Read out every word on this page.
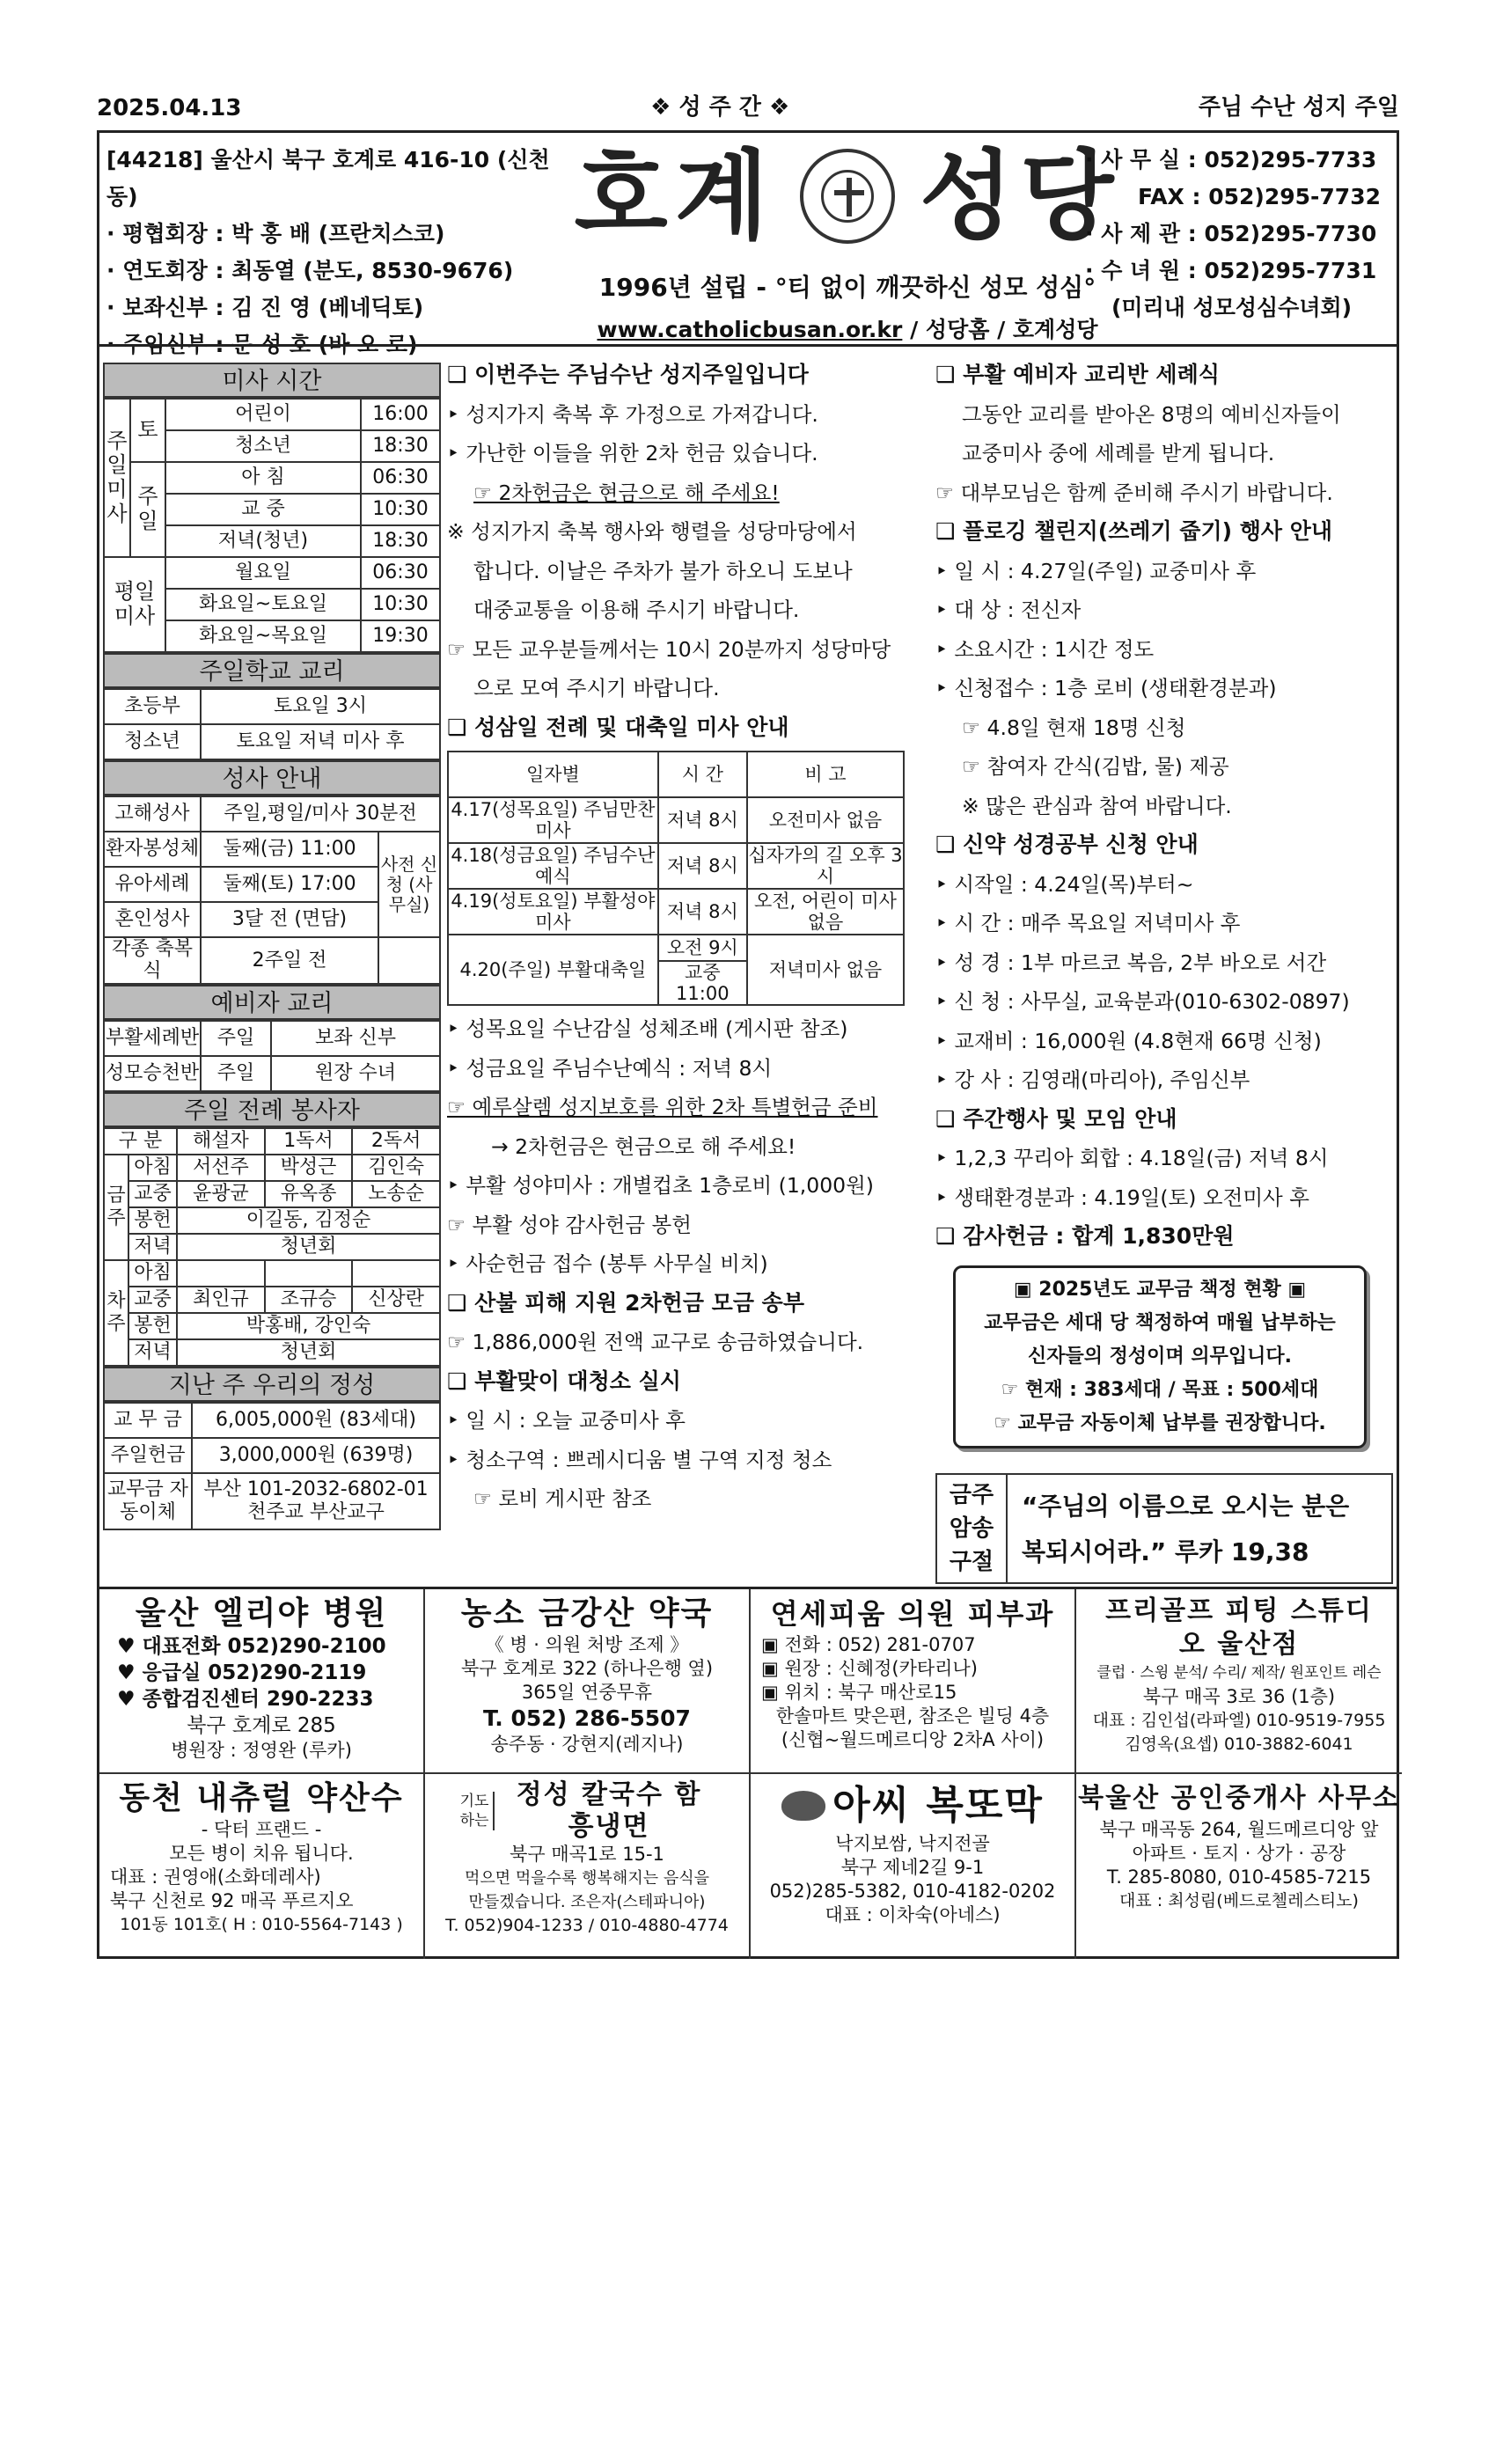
2025.04.13	❖ 성 주 간 ❖	주님 수난 성지 주일
[44218] 울산시 북구 호계로 416-10 (신천동)
· 평협회장 : 박 홍 배 (프란치스코)
· 연도회장 : 최동열 (분도, 8530-9676)
· 보좌신부 : 김 진 영 (베네딕토)
· 주임신부 : 문 성 호 (바 오 로)
호계 성당
1996년 설립 - °티 없이 깨끗하신 성모 성심°
www.catholicbusan.or.kr / 성당홈 / 호계성당
· 사 무 실 : 052)295-7733
FAX : 052)295-7732
· 사 제 관 : 052)295-7730
· 수 녀 원 : 052)295-7731
(미리내 성모성심수녀회)
미사 시간
주일미사	토	어린이	16:00
		청소년	18:30
	주일	아 침	06:30
		교 중	10:30
		저녁(청년)	18:30
평일미사		월요일	06:30
		화요일~토요일	10:30
		화요일~목요일	19:30
주일학교 교리
초등부	토요일 3시
청소년	토요일 저녁 미사 후
성사 안내
고해성사	주일,평일/미사 30분전	
환자봉성체	둘째(금) 11:00	사전 신청 (사무실)
유아세례	둘째(토) 17:00	
혼인성사	3달 전 (면담)	
각종 축복식	2주일 전	
예비자 교리
부활세례반	주일	보좌 신부
성모승천반	주일	원장 수녀
주일 전례 봉사자
구 분		해설자	1독서	2독서
금주	아침	서선주	박성근	김인숙
	교중	윤광균	유옥종	노송순
	봉헌	이길동, 김정순		
	저녁	청년회		
차주	아침			
	교중	최인규	조규승	신상란
	봉헌	박홍배, 강인숙		
	저녁	청년회		
지난 주 우리의 정성
교 무 금	6,005,000원 (83세대)
주일헌금	3,000,000원 (639명)
교무금 자동이체	부산 101-2032-6802-01 천주교 부산교구
❑ 이번주는 주님수난 성지주일입니다
‣ 성지가지 축복 후 가정으로 가져갑니다.
‣ 가난한 이들을 위한 2차 헌금 있습니다.
☞ 2차헌금은 현금으로 해 주세요!
※ 성지가지 축복 행사와 행렬을 성당마당에서
합니다. 이날은 주차가 불가 하오니 도보나
대중교통을 이용해 주시기 바랍니다.
☞ 모든 교우분들께서는 10시 20분까지 성당마당
으로 모여 주시기 바랍니다.
❑ 성삼일 전례 및 대축일 미사 안내
일자별	시 간	비 고
4.17(성목요일) 주님만찬미사	저녁 8시	오전미사 없음
4.18(성금요일) 주님수난예식	저녁 8시	십자가의 길 오후 3시
4.19(성토요일) 부활성야미사	저녁 8시	오전, 어린이 미사 없음
4.20(주일) 부활대축일	오전 9시	저녁미사 없음
	교중 11:00	
‣ 성목요일 수난감실 성체조배 (게시판 참조)
‣ 성금요일 주님수난예식 : 저녁 8시
☞ 예루살렘 성지보호를 위한 2차 특별헌금 준비
→ 2차헌금은 현금으로 해 주세요!
‣ 부활 성야미사 : 개별컵초 1층로비 (1,000원)
☞ 부활 성야 감사헌금 봉헌
‣ 사순헌금 접수 (봉투 사무실 비치)
❑ 산불 피해 지원 2차헌금 모금 송부
☞ 1,886,000원 전액 교구로 송금하였습니다.
❑ 부활맞이 대청소 실시
‣ 일 시 : 오늘 교중미사 후
‣ 청소구역 : 쁘레시디움 별 구역 지정 청소
☞ 로비 게시판 참조
❑ 부활 예비자 교리반 세례식
그동안 교리를 받아온 8명의 예비신자들이
교중미사 중에 세례를 받게 됩니다.
☞ 대부모님은 함께 준비해 주시기 바랍니다.
❑ 플로깅 챌린지(쓰레기 줍기) 행사 안내
‣ 일 시 : 4.27일(주일) 교중미사 후
‣ 대 상 : 전신자
‣ 소요시간 : 1시간 정도
‣ 신청접수 : 1층 로비 (생태환경분과)
☞ 4.8일 현재 18명 신청
☞ 참여자 간식(김밥, 물) 제공
※ 많은 관심과 참여 바랍니다.
❑ 신약 성경공부 신청 안내
‣ 시작일 : 4.24일(목)부터~
‣ 시 간 : 매주 목요일 저녁미사 후
‣ 성 경 : 1부 마르코 복음, 2부 바오로 서간
‣ 신 청 : 사무실, 교육분과(010-6302-0897)
‣ 교재비 : 16,000원 (4.8현재 66명 신청)
‣ 강 사 : 김영래(마리아), 주임신부
❑ 주간행사 및 모임 안내
‣ 1,2,3 꾸리아 회합 : 4.18일(금) 저녁 8시
‣ 생태환경분과 : 4.19일(토) 오전미사 후
❑ 감사헌금 : 합계 1,830만원
▣ 2025년도 교무금 책정 현황 ▣
교무금은 세대 당 책정하여 매월 납부하는
신자들의 정성이며 의무입니다.
☞ 현재 : 383세대 / 목표 : 500세대
☞ 교무금 자동이체 납부를 권장합니다.
금주 암송 구절
“주님의 이름으로 오시는 분은 복되시어라.” 루카 19,38
울산 엘리야 병원
♥ 대표전화 052)290-2100
♥ 응급실 052)290-2119
♥ 종합검진센터 290-2233
북구 호계로 285
병원장 : 정영완 (루카)
농소 금강산 약국
《 병 · 의원 처방 조제 》
북구 호계로 322 (하나은행 옆)
365일 연중무휴
T. 052) 286-5507
송주동 · 강현지(레지나)
연세피움 의원 피부과
▣ 전화 : 052) 281-0707
▣ 원장 : 신혜정(카타리나)
▣ 위치 : 북구 매산로15
한솔마트 맞은편, 참조은 빌딩 4층
(신협~월드메르디앙 2차A 사이)
프리골프 피팅 스튜디오 울산점
클럽 · 스윙 분석/ 수리/ 제작/ 원포인트 레슨
북구 매곡 3로 36 (1층)
대표 : 김인섭(라파엘) 010-9519-7955
김영옥(요셉) 010-3882-6041
동천 내츄럴 약산수
- 닥터 프랜드 -
모든 병이 치유 됩니다.
대표 : 권영애(소화데레사)
북구 신천로 92 매곡 푸르지오
101동 101호( H : 010-5564-7143 )
기도하는
정성 칼국수 함흥냉면
북구 매곡1로 15-1
먹으면 먹을수록 행복해지는 음식을
만들겠습니다. 조은자(스테파니아)
T. 052)904-1233 / 010-4880-4774
아씨 복또막
낙지보쌈, 낙지전골
북구 제네2길 9-1
052)285-5382, 010-4182-0202
대표 : 이차숙(아네스)
북울산 공인중개사 사무소
북구 매곡동 264, 월드메르디앙 앞
아파트 · 토지 · 상가 · 공장
T. 285-8080, 010-4585-7215
대표 : 최성림(베드로첼레스티노)
